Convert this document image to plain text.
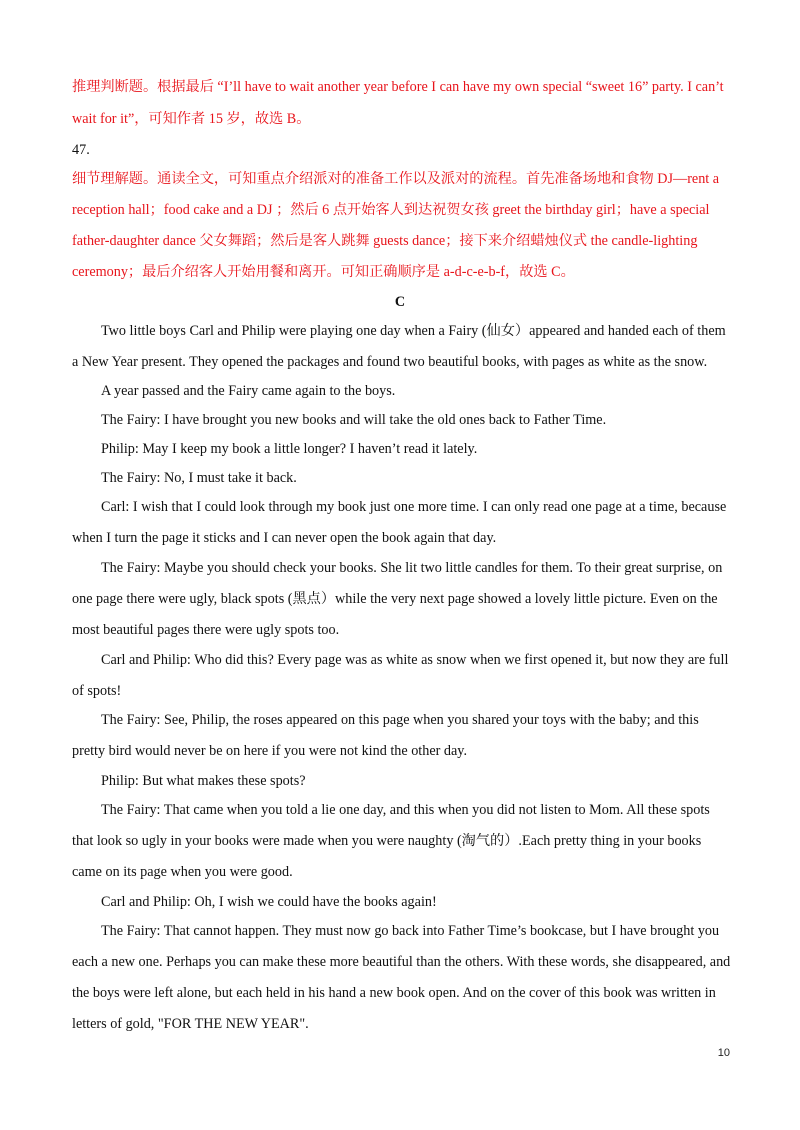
推理判断题。根据最后 “I’ll have to wait another year before I can have my own special “sweet 16” party. I can’t
wait for it”，可知作者 15 岁，故选 B。
47.
细节理解题。通读全文，可知重点介绍派对的准备工作以及派对的流程。首先准备场地和食物 DJ—rent a
reception hall；food cake and a DJ ；然后 6 点开始客人到达祝贺女孩 greet the birthday girl；have a special
father-daughter dance 父女舞蹈；然后是客人跳舞 guests dance；接下来介绍蜡烛仪式 the candle-lighting
ceremony；最后介绍客人开始用餐和离开。可知正确顺序是 a-d-c-e-b-f，故选 C。
C
Two little boys Carl and Philip were playing one day when a Fairy (仙女）appeared and handed each of them
a New Year present. They opened the packages and found two beautiful books, with pages as white as the snow.
A year passed and the Fairy came again to the boys.
The Fairy: I have brought you new books and will take the old ones back to Father Time.
Philip: May I keep my book a little longer? I haven’t read it lately.
The Fairy: No, I must take it back.
Carl: I wish that I could look through my book just one more time. I can only read one page at a time, because
when I turn the page it sticks and I can never open the book again that day.
The Fairy: Maybe you should check your books. She lit two little candles for them. To their great surprise, on
one page there were ugly, black spots (黑点）while the very next page showed a lovely little picture. Even on the
most beautiful pages there were ugly spots too.
Carl and Philip: Who did this? Every page was as white as snow when we first opened it, but now they are full
of spots!
The Fairy: See, Philip, the roses appeared on this page when you shared your toys with the baby; and this
pretty bird would never be on here if you were not kind the other day.
Philip: But what makes these spots?
The Fairy: That came when you told a lie one day, and this when you did not listen to Mom. All these spots
that look so ugly in your books were made when you were naughty (淘气的）.Each pretty thing in your books
came on its page when you were good.
Carl and Philip: Oh, I wish we could have the books again!
The Fairy: That cannot happen. They must now go back into Father Time’s bookcase, but I have brought you
each a new one. Perhaps you can make these more beautiful than the others. With these words, she disappeared, and
the boys were left alone, but each held in his hand a new book open. And on the cover of this book was written in
letters of gold, "FOR THE NEW YEAR".
10
